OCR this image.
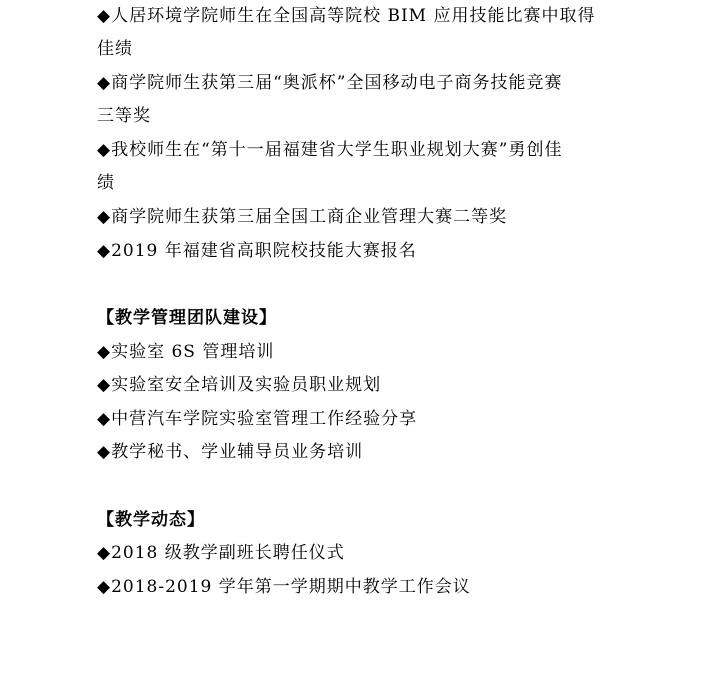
◆人居环境学院师生在全国高等院校 BIM 应用技能比赛中取得
佳绩
◆商学院师生获第三届“奥派杯”全国移动电子商务技能竞赛
三等奖
◆我校师生在“第十一届福建省大学生职业规划大赛”勇创佳
绩
◆商学院师生获第三届全国工商企业管理大赛二等奖
◆2019 年福建省高职院校技能大赛报名
【教学管理团队建设】
◆实验室 6S 管理培训
◆实验室安全培训及实验员职业规划
◆中营汽车学院实验室管理工作经验分享
◆教学秘书、学业辅导员业务培训
【教学动态】
◆2018 级教学副班长聘任仪式
◆2018-2019 学年第一学期期中教学工作会议
